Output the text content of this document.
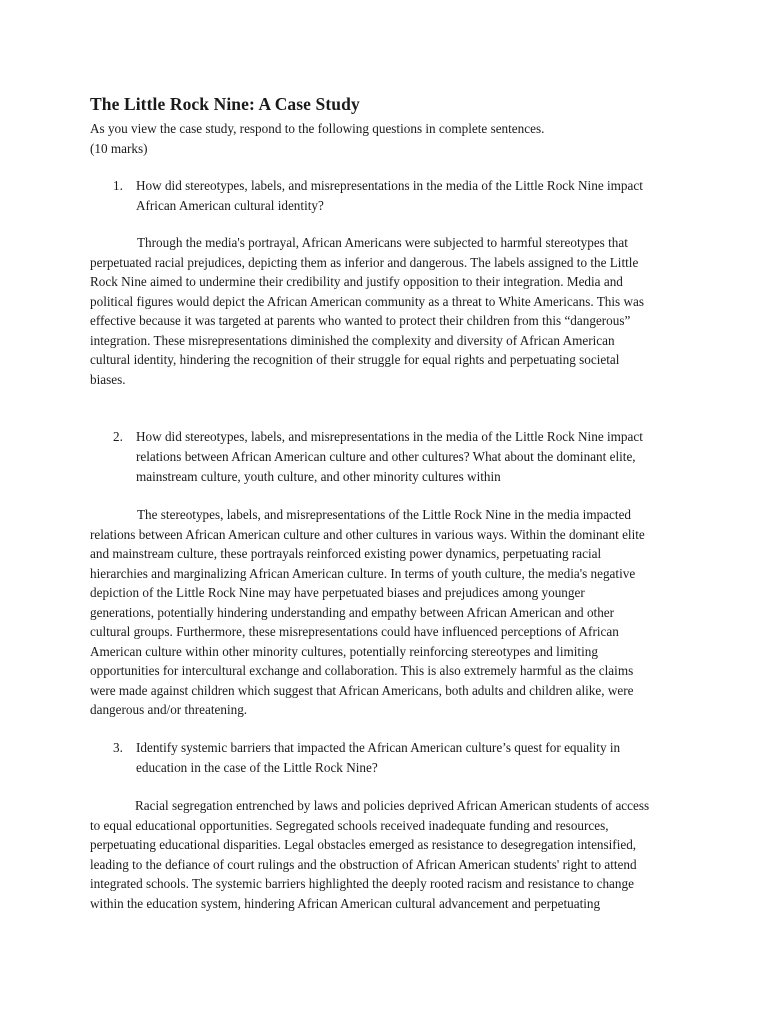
The Little Rock Nine: A Case Study
As you view the case study, respond to the following questions in complete sentences.
(10 marks)
1. How did stereotypes, labels, and misrepresentations in the media of the Little Rock Nine impact
African American cultural identity?
Through the media's portrayal, African Americans were subjected to harmful stereotypes that
perpetuated racial prejudices, depicting them as inferior and dangerous. The labels assigned to the Little
Rock Nine aimed to undermine their credibility and justify opposition to their integration. Media and
political figures would depict the African American community as a threat to White Americans. This was
effective because it was targeted at parents who wanted to protect their children from this “dangerous”
integration. These misrepresentations diminished the complexity and diversity of African American
cultural identity, hindering the recognition of their struggle for equal rights and perpetuating societal
biases.
2. How did stereotypes, labels, and misrepresentations in the media of the Little Rock Nine impact
relations between African American culture and other cultures? What about the dominant elite,
mainstream culture, youth culture, and other minority cultures within
The stereotypes, labels, and misrepresentations of the Little Rock Nine in the media impacted
relations between African American culture and other cultures in various ways. Within the dominant elite
and mainstream culture, these portrayals reinforced existing power dynamics, perpetuating racial
hierarchies and marginalizing African American culture. In terms of youth culture, the media's negative
depiction of the Little Rock Nine may have perpetuated biases and prejudices among younger
generations, potentially hindering understanding and empathy between African American and other
cultural groups. Furthermore, these misrepresentations could have influenced perceptions of African
American culture within other minority cultures, potentially reinforcing stereotypes and limiting
opportunities for intercultural exchange and collaboration. This is also extremely harmful as the claims
were made against children which suggest that African Americans, both adults and children alike, were
dangerous and/or threatening.
3. Identify systemic barriers that impacted the African American culture’s quest for equality in
education in the case of the Little Rock Nine?
Racial segregation entrenched by laws and policies deprived African American students of access
to equal educational opportunities. Segregated schools received inadequate funding and resources,
perpetuating educational disparities. Legal obstacles emerged as resistance to desegregation intensified,
leading to the defiance of court rulings and the obstruction of African American students' right to attend
integrated schools. The systemic barriers highlighted the deeply rooted racism and resistance to change
within the education system, hindering African American cultural advancement and perpetuating
